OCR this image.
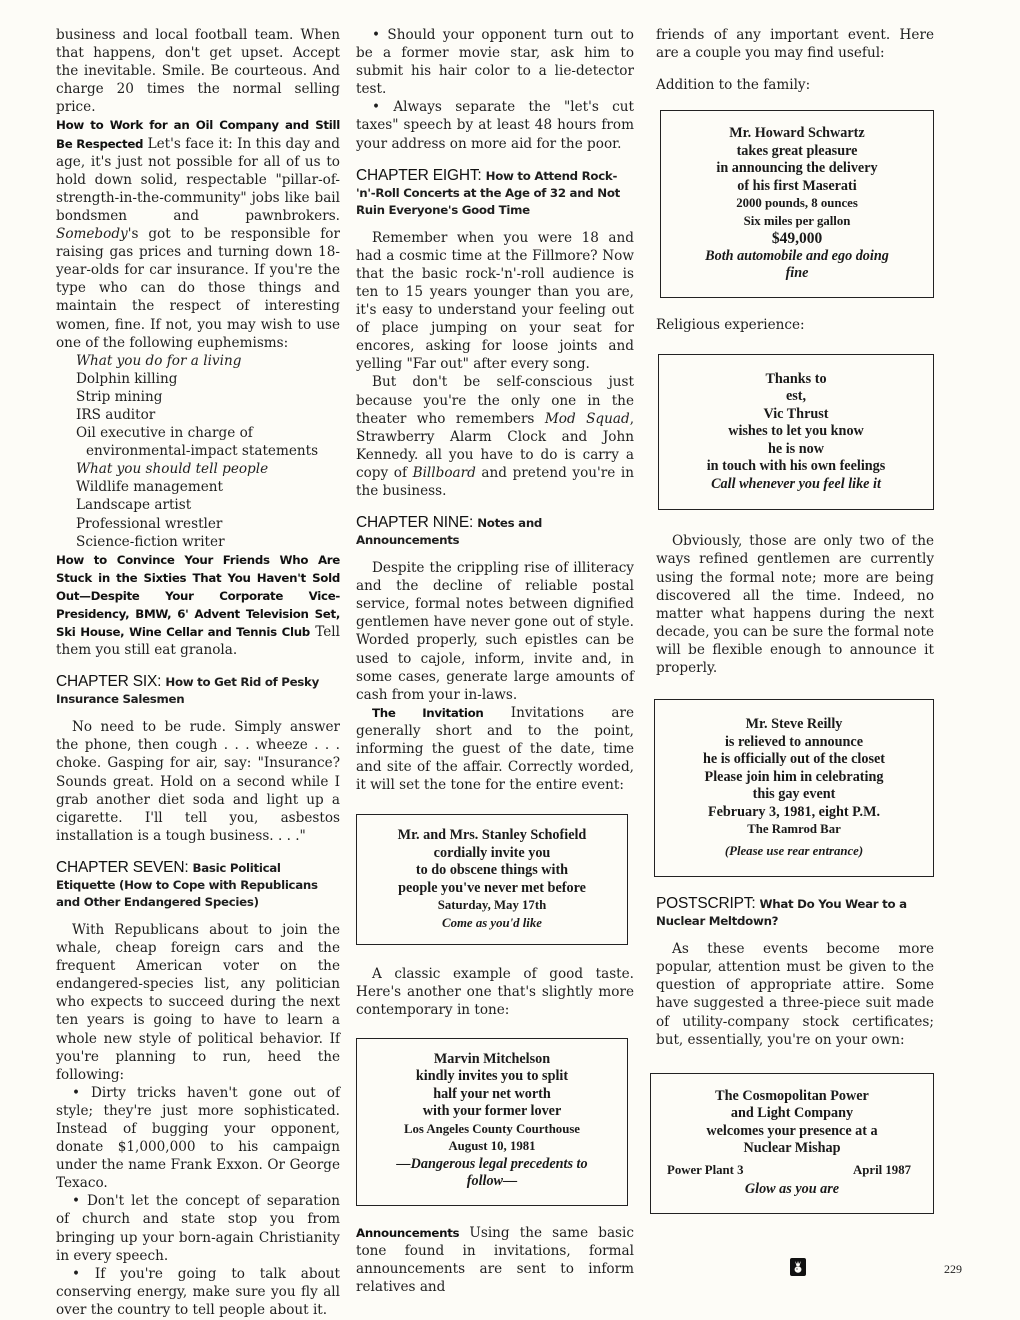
business and local football team. When that happens, don't get upset. Accept the inevitable. Smile. Be courteous. And charge 20 times the normal selling price.

How to Work for an Oil Company and Still Be Respected Let's face it: In this day and age, it's just not possible for all of us to hold down solid, respectable "pillar-of-strength-in-the-community" jobs like bail bondsmen and pawnbrokers. Somebody's got to be responsible for raising gas prices and turning down 18-year-olds for car insurance. If you're the type who can do those things and maintain the respect of interesting women, fine. If not, you may wish to use one of the following euphemisms:

What you do for a living
Dolphin killing
Strip mining
IRS auditor
Oil executive in charge of environmental-impact statements
What you should tell people
Wildlife management
Landscape artist
Professional wrestler
Science-fiction writer

How to Convince Your Friends Who Are Stuck in the Sixties That You Haven't Sold Out—Despite Your Corporate Vice-Presidency, BMW, 6' Advent Television Set, Ski House, Wine Cellar and Tennis Club Tell them you still eat granola.

CHAPTER SIX: How to Get Rid of Pesky Insurance Salesmen

No need to be rude. Simply answer the phone, then cough . . . wheeze . . . choke. Gasping for air, say: "Insurance? Sounds great. Hold on a second while I grab another diet soda and light up a cigarette. I'll tell you, asbestos installation is a tough business. . . ."

CHAPTER SEVEN: Basic Political Etiquette (How to Cope with Republicans and Other Endangered Species)

With Republicans about to join the whale, cheap foreign cars and the frequent American voter on the endangered-species list, any politician who expects to succeed during the next ten years is going to have to learn a whole new style of political behavior. If you're planning to run, heed the following:

• Dirty tricks haven't gone out of style; they're just more sophisticated. Instead of bugging your opponent, donate $1,000,000 to his campaign under the name Frank Exxon. Or George Texaco.

• Don't let the concept of separation of church and state stop you from bringing up your born-again Christianity in every speech.

• If you're going to talk about conserving energy, make sure you fly all over the country to tell people about it.

• Should your opponent turn out to be a former movie star, ask him to submit his hair color to a lie-detector test.

• Always separate the "let's cut taxes" speech by at least 48 hours from your address on more aid for the poor.

CHAPTER EIGHT: How to Attend Rock-'n'-Roll Concerts at the Age of 32 and Not Ruin Everyone's Good Time

Remember when you were 18 and had a cosmic time at the Fillmore? Now that the basic rock-'n'-roll audience is ten to 15 years younger than you are, it's easy to understand your feeling out of place jumping on your seat for encores, asking for loose joints and yelling "Far out" after every song.

But don't be self-conscious just because you're the only one in the theater who remembers Mod Squad, Strawberry Alarm Clock and John Kennedy. all you have to do is carry a copy of Billboard and pretend you're in the business.

CHAPTER NINE: Notes and Announcements

Despite the crippling rise of illiteracy and the decline of reliable postal service, formal notes between dignified gentlemen have never gone out of style. Worded properly, such epistles can be used to cajole, inform, invite and, in some cases, generate large amounts of cash from your in-laws.

The Invitation Invitations are generally short and to the point, informing the guest of the date, time and site of the affair. Correctly worded, it will set the tone for the entire event:

Mr. and Mrs. Stanley Schofield
cordially invite you
to do obscene things with
people you've never met before
Saturday, May 17th
Come as you'd like

A classic example of good taste. Here's another one that's slightly more contemporary in tone:

Marvin Mitchelson
kindly invites you to split
half your net worth
with your former lover
Los Angeles County Courthouse
August 10, 1981
—Dangerous legal precedents to follow—

Announcements Using the same basic tone found in invitations, formal announcements are sent to inform relatives and

friends of any important event. Here are a couple you may find useful:

Addition to the family:

Mr. Howard Schwartz
takes great pleasure
in announcing the delivery
of his first Maserati
2000 pounds, 8 ounces
Six miles per gallon
$49,000
Both automobile and ego doing fine

Religious experience:

Thanks to
est,
Vic Thrust
wishes to let you know
he is now
in touch with his own feelings
Call whenever you feel like it

Obviously, those are only two of the ways refined gentlemen are currently using the formal note; more are being discovered all the time. Indeed, no matter what happens during the next decade, you can be sure the formal note will be flexible enough to announce it properly.

Mr. Steve Reilly
is relieved to announce
he is officially out of the closet
Please join him in celebrating
this gay event
February 3, 1981, eight P.M.
The Ramrod Bar
(Please use rear entrance)
POSTSCRIPT: What Do You Wear to a Nuclear Meltdown?

As these events become more popular, attention must be given to the question of appropriate attire. Some have suggested a three-piece suit made of utility-company stock certificates; but, essentially, you're on your own:

The Cosmopolitan Power
and Light Company
welcomes your presence at a
Nuclear Mishap
Power Plant 3	April 1987
Glow as you are
229
